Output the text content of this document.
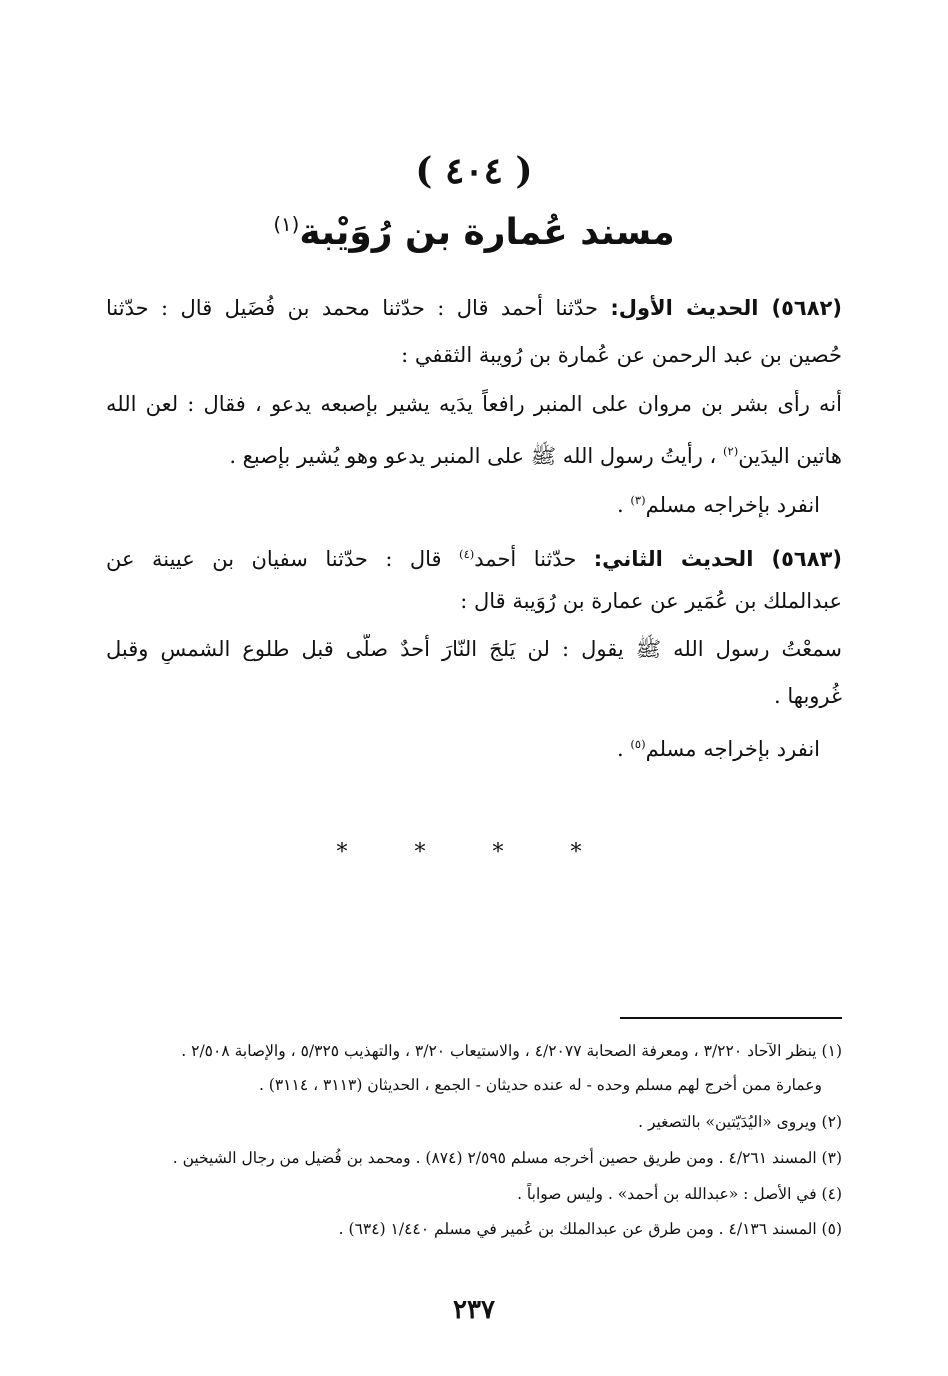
( ٤٠٤ )
مسند عُمارة بن رُوَيْبة$^{(١)}$
(٥٦٨٢) الحديث الأول: حدّثنا أحمد قال : حدّثنا محمد بن فُضَيل قال : حدّثنا
حُصين بن عبد الرحمن عن عُمارة بن رُويبة الثقفي :
أنه رأى بشر بن مروان على المنبر رافعاً يدَيه يشير بإصبعه يدعو ، فقال : لعن الله
هاتين اليدَين$^{(٢)}$ ، رأيتُ رسول الله ﷺ على المنبر يدعو وهو يُشير بإصبع .
انفرد بإخراجه مسلم$^{(٣)}$ .
(٥٦٨٣) الحديث الثاني: حدّثنا أحمد$^{(٤)}$ قال : حدّثنا سفيان بن عيينة عن
عبدالملك بن عُمَير عن عمارة بن رُوَيبة قال :
سمعْتُ رسول الله ﷺ يقول : لن يَلجَ النّارَ أحدٌ صلّى قبل طلوع الشمسِ وقبل
غُروبها .
انفرد بإخراجه مسلم$^{(٥)}$ .
* * * *
(١) ينظر الآحاد ٣/٢٢٠ ، ومعرفة الصحابة ٤/٢٠٧٧ ، والاستيعاب ٣/٢٠ ، والتهذيب ٥/٣٢٥ ، والإصابة ٢/٥٠٨ .
وعمارة ممن أخرج لهم مسلم وحده - له عنده حديثان - الجمع ، الحديثان (٣١١٣ ، ٣١١٤) .
(٢) ويروى «اليُدَيّتين» بالتصغير .
(٣) المسند ٤/٢٦١ . ومن طريق حصين أخرجه مسلم ٢/٥٩٥ (٨٧٤) . ومحمد بن فُضيل من رجال الشيخين .
(٤) في الأصل : «عبدالله بن أحمد» . وليس صواباً .
(٥) المسند ٤/١٣٦ . ومن طرق عن عبدالملك بن عُمير في مسلم ١/٤٤٠ (٦٣٤) .
٢٣٧
